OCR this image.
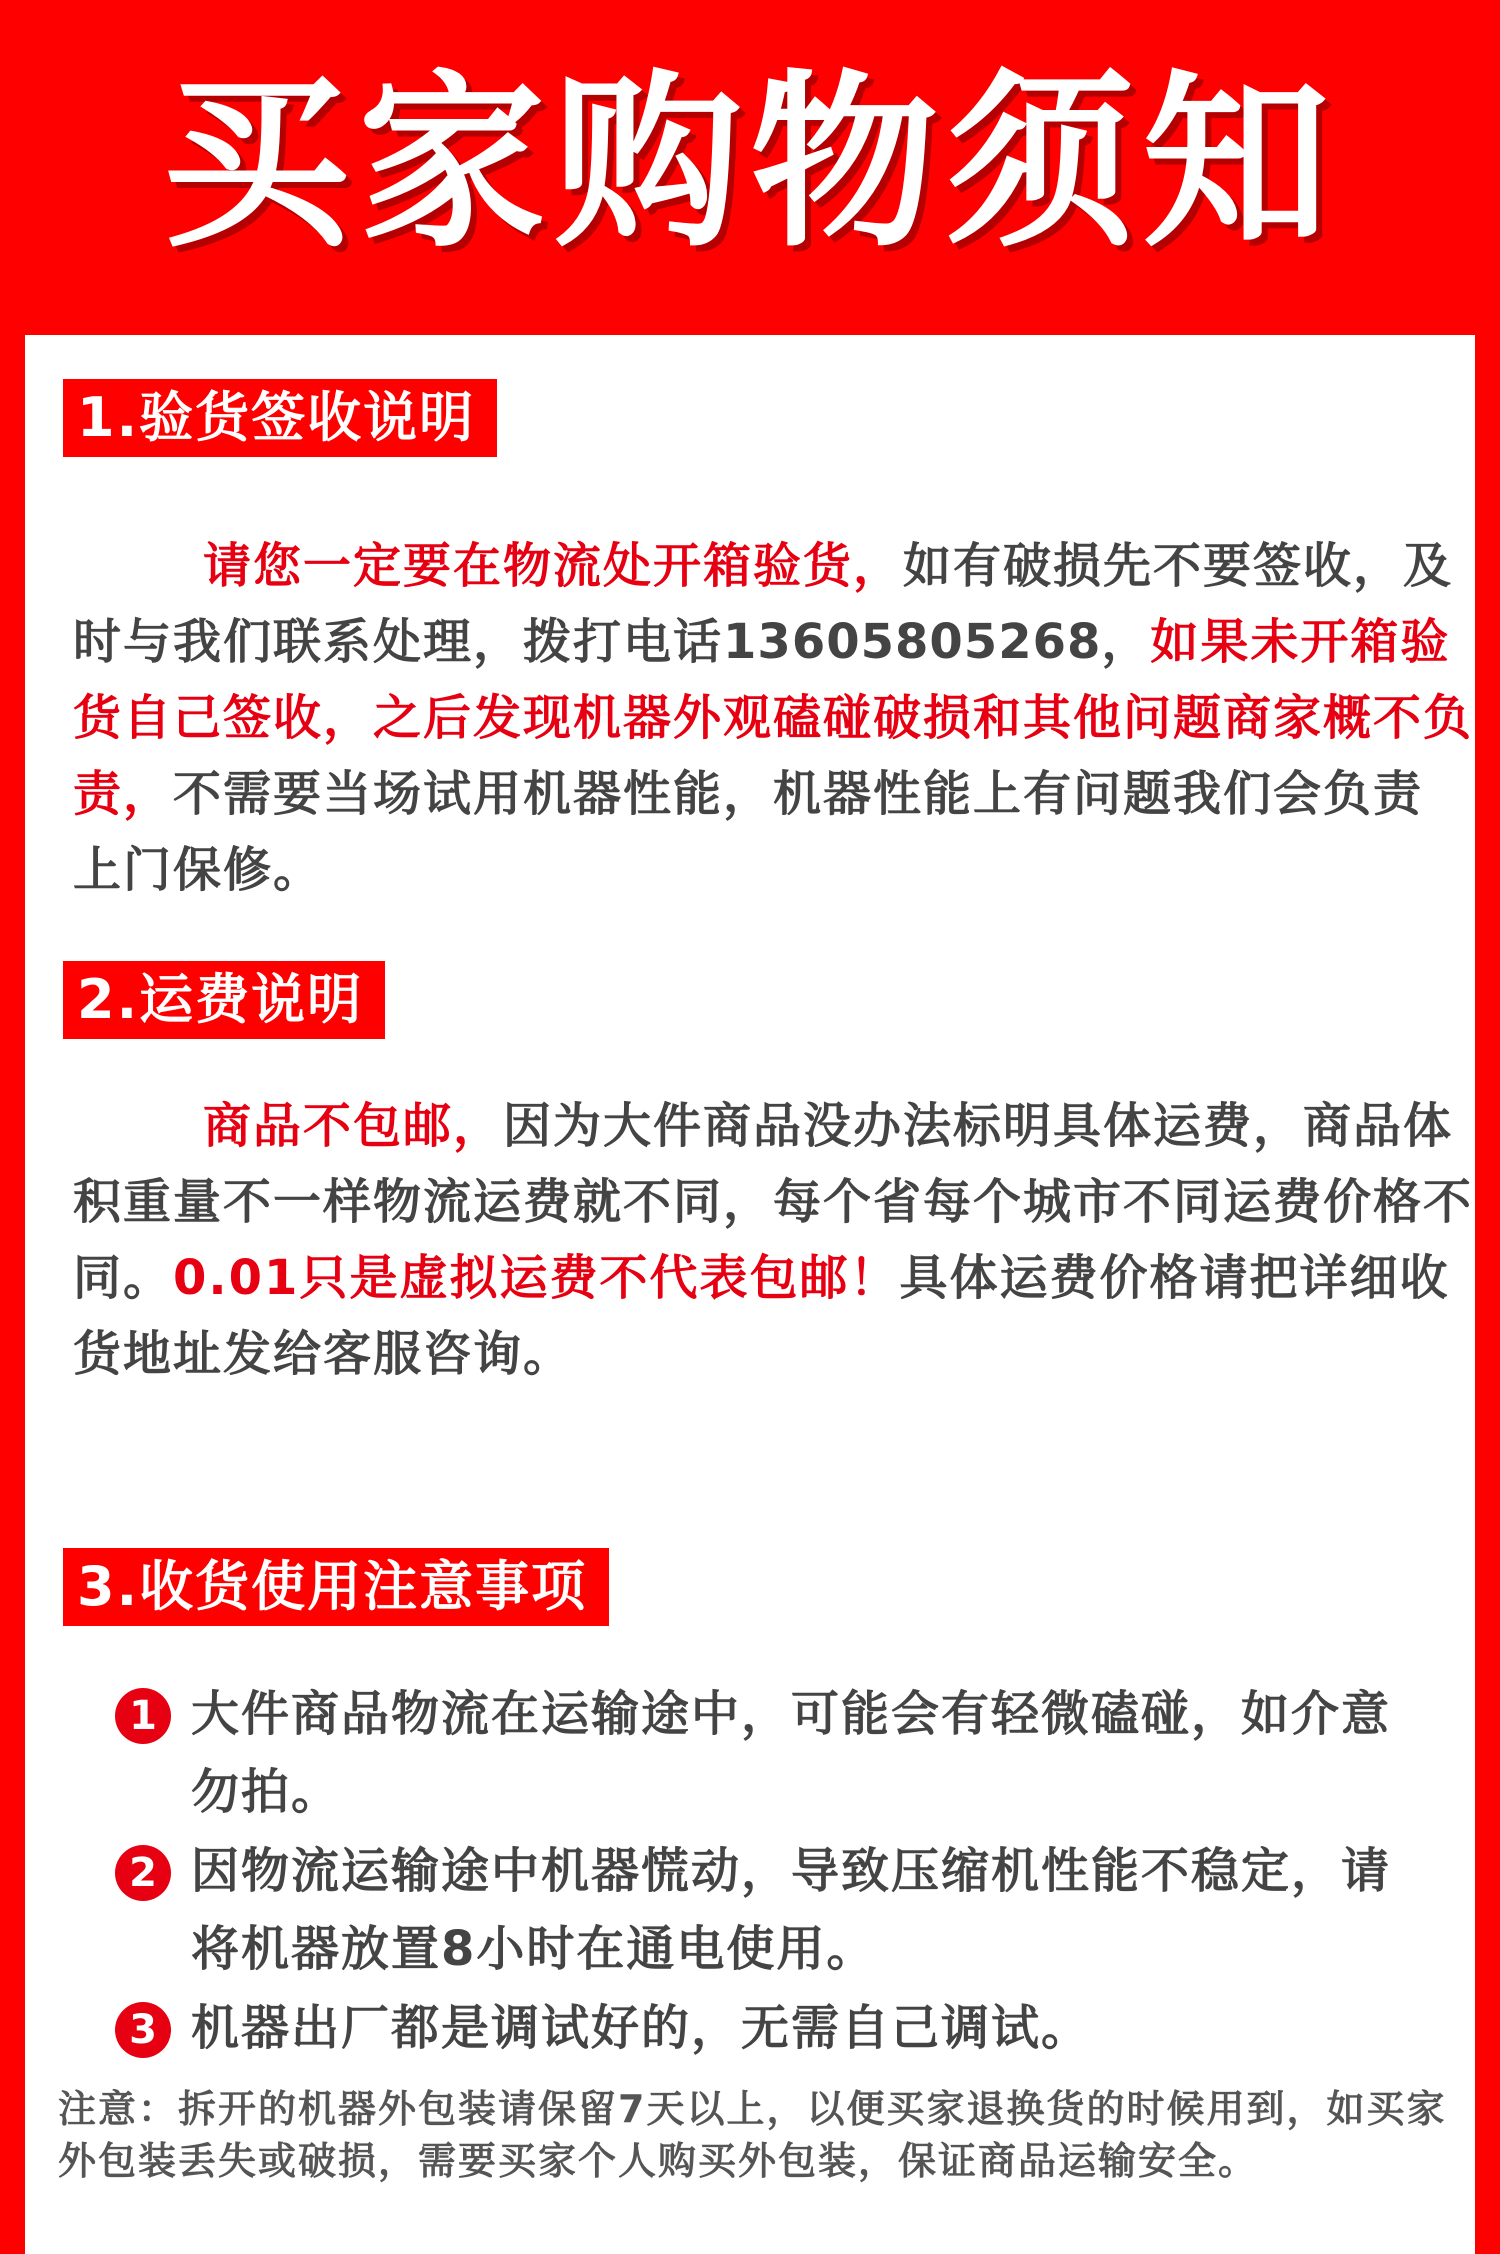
买家购物须知
1.验货签收说明
请您一定要在物流处开箱验货，如有破损先不要签收，及时与我们联系处理，拨打电话13605805268，如果未开箱验货自己签收，之后发现机器外观磕碰破损和其他问题商家概不负责，不需要当场试用机器性能，机器性能上有问题我们会负责上门保修。
2.运费说明
商品不包邮，因为大件商品没办法标明具体运费，商品体积重量不一样物流运费就不同，每个省每个城市不同运费价格不同。0.01只是虚拟运费不代表包邮！具体运费价格请把详细收货地址发给客服咨询。
3.收货使用注意事项
1 大件商品物流在运输途中，可能会有轻微磕碰，如介意勿拍。
2 因物流运输途中机器慌动，导致压缩机性能不稳定，请将机器放置8小时在通电使用。
3 机器出厂都是调试好的，无需自己调试。
注意：拆开的机器外包装请保留7天以上，以便买家退换货的时候用到，如买家外包装丢失或破损，需要买家个人购买外包装，保证商品运输安全。
